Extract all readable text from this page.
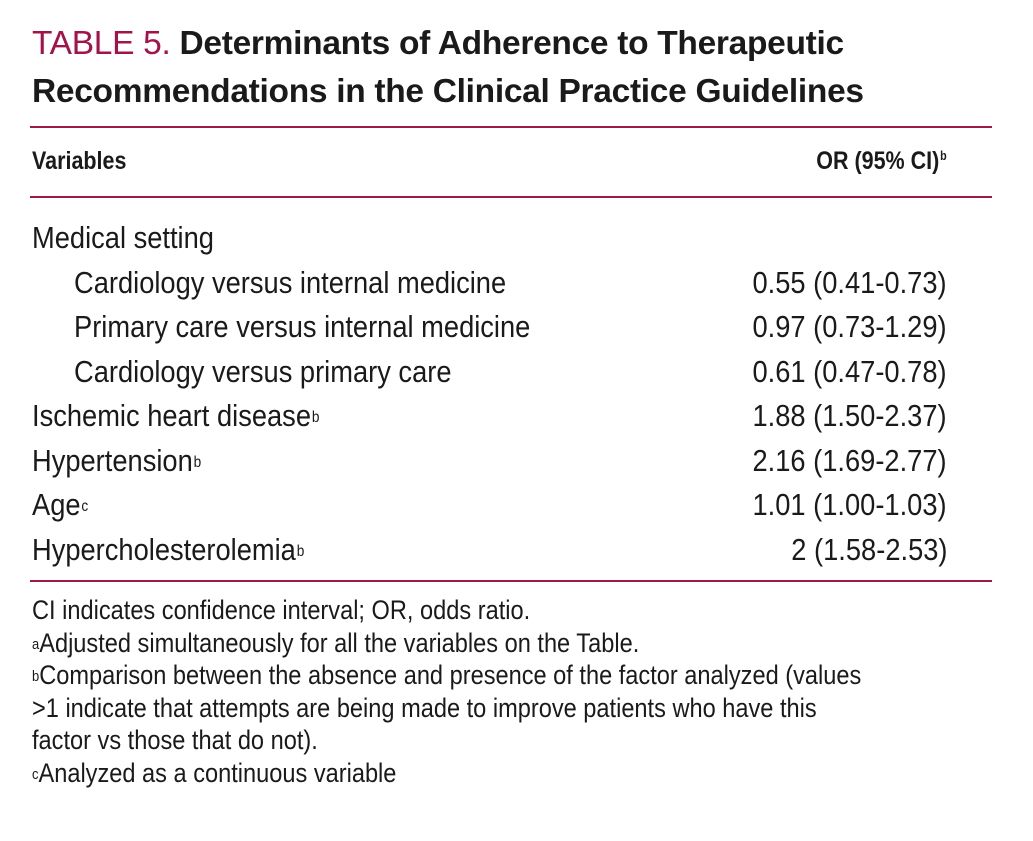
TABLE 5. Determinants of Adherence to Therapeutic
Recommendations in the Clinical Practice Guidelines
Variables	OR (95% CI)$^b$
Medical setting
Cardiology versus internal medicine	0.55 (0.41-0.73)
Primary care versus internal medicine	0.97 (0.73-1.29)
Cardiology versus primary care	0.61 (0.47-0.78)
Ischemic heart disease$^b$	1.88 (1.50-2.37)
Hypertension$^b$	2.16 (1.69-2.77)
Age$^c$	1.01 (1.00-1.03)
Hypercholesterolemia$^b$	2 (1.58-2.53)

CI indicates confidence interval; OR, odds ratio.

$^a$Adjusted simultaneously for all the variables on the Table.

$^b$Comparison between the absence and presence of the factor analyzed (values
>1 indicate that attempts are being made to improve patients who have this
factor vs those that do not).

$^c$Analyzed as a continuous variable
